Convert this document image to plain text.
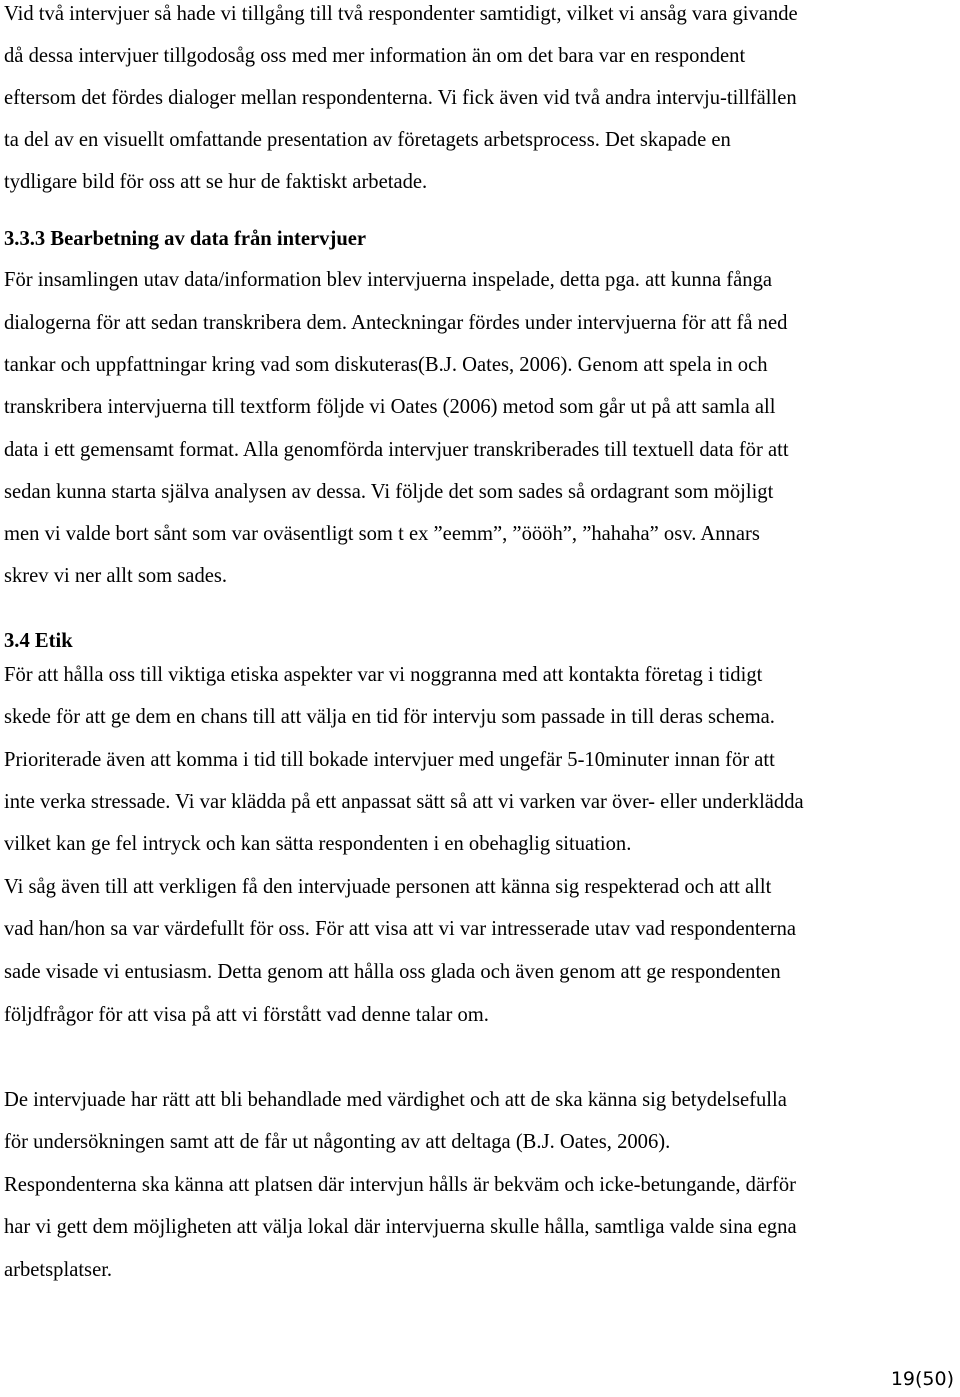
Vid två intervjuer så hade vi tillgång till två respondenter samtidigt, vilket vi ansåg vara givande
då dessa intervjuer tillgodosåg oss med mer information än om det bara var en respondent
eftersom det fördes dialoger mellan respondenterna. Vi fick även vid två andra intervju-tillfällen
ta del av en visuellt omfattande presentation av företagets arbetsprocess. Det skapade en
tydligare bild för oss att se hur de faktiskt arbetade.
3.3.3 Bearbetning av data från intervjuer
För insamlingen utav data/information blev intervjuerna inspelade, detta pga. att kunna fånga
dialogerna för att sedan transkribera dem. Anteckningar fördes under intervjuerna för att få ned
tankar och uppfattningar kring vad som diskuteras(B.J. Oates, 2006). Genom att spela in och
transkribera intervjuerna till textform följde vi Oates (2006) metod som går ut på att samla all
data i ett gemensamt format. Alla genomförda intervjuer transkriberades till textuell data för att
sedan kunna starta själva analysen av dessa. Vi följde det som sades så ordagrant som möjligt
men vi valde bort sånt som var oväsentligt som t ex ”eemm”, ”öööh”, ”hahaha” osv. Annars
skrev vi ner allt som sades.
3.4 Etik
För att hålla oss till viktiga etiska aspekter var vi noggranna med att kontakta företag i tidigt
skede för att ge dem en chans till att välja en tid för intervju som passade in till deras schema.
Prioriterade även att komma i tid till bokade intervjuer med ungefär 5-10minuter innan för att
inte verka stressade. Vi var klädda på ett anpassat sätt så att vi varken var över- eller underklädda
vilket kan ge fel intryck och kan sätta respondenten i en obehaglig situation.
Vi såg även till att verkligen få den intervjuade personen att känna sig respekterad och att allt
vad han/hon sa var värdefullt för oss. För att visa att vi var intresserade utav vad respondenterna
sade visade vi entusiasm. Detta genom att hålla oss glada och även genom att ge respondenten
följdfrågor för att visa på att vi förstått vad denne talar om.
De intervjuade har rätt att bli behandlade med värdighet och att de ska känna sig betydelsefulla
för undersökningen samt att de får ut någonting av att deltaga (B.J. Oates, 2006).
Respondenterna ska känna att platsen där intervjun hålls är bekväm och icke-betungande, därför
har vi gett dem möjligheten att välja lokal där intervjuerna skulle hålla, samtliga valde sina egna
arbetsplatser.
19(50)
